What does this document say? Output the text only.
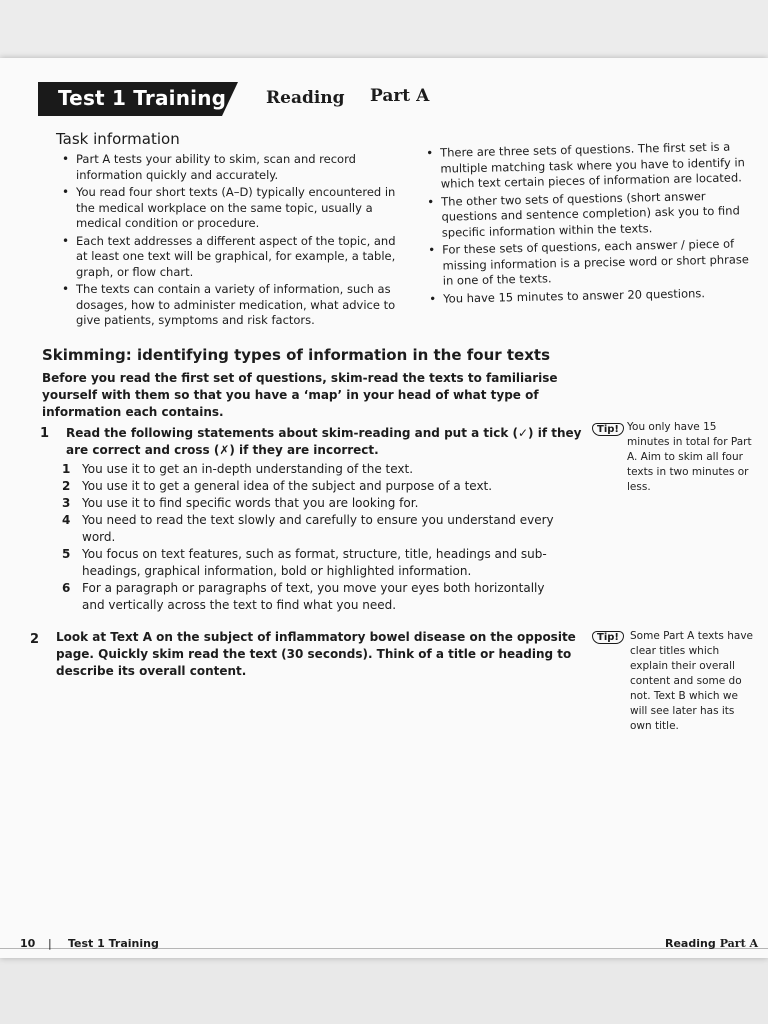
Test 1 Training Reading Part A
Task information
• Part A tests your ability to skim, scan and record information quickly and accurately.
• You read four short texts (A–D) typically encountered in the medical workplace on the same topic, usually a medical condition or procedure.
• Each text addresses a different aspect of the topic, and at least one text will be graphical, for example, a table, graph, or flow chart.
• The texts can contain a variety of information, such as dosages, how to administer medication, what advice to give patients, symptoms and risk factors.
• There are three sets of questions. The first set is a multiple matching task where you have to identify in which text certain pieces of information are located.
• The other two sets of questions (short answer questions and sentence completion) ask you to find specific information within the texts.
• For these sets of questions, each answer / piece of missing information is a precise word or short phrase in one of the texts.
• You have 15 minutes to answer 20 questions.
Skimming: identifying types of information in the four texts
Before you read the first set of questions, skim-read the texts to familiarise yourself with them so that you have a ‘map’ in your head of what type of information each contains.
1 Read the following statements about skim-reading and put a tick (✓) if they are correct and cross (✗) if they are incorrect.
1 You use it to get an in-depth understanding of the text.
2 You use it to get a general idea of the subject and purpose of a text.
3 You use it to find specific words that you are looking for.
4 You need to read the text slowly and carefully to ensure you understand every word.
5 You focus on text features, such as format, structure, title, headings and sub-headings, graphical information, bold or highlighted information.
6 For a paragraph or paragraphs of text, you move your eyes both horizontally and vertically across the text to find what you need.
2 Look at Text A on the subject of inflammatory bowel disease on the opposite page. Quickly skim read the text (30 seconds). Think of a title or heading to describe its overall content.
Tip! You only have 15 minutes in total for Part A. Aim to skim all four texts in two minutes or less.
Tip!	Some Part A texts have clear titles which explain their overall content and some do not. Text B which we will see later has its own title.
10 | Test 1 Training	Reading Part A
